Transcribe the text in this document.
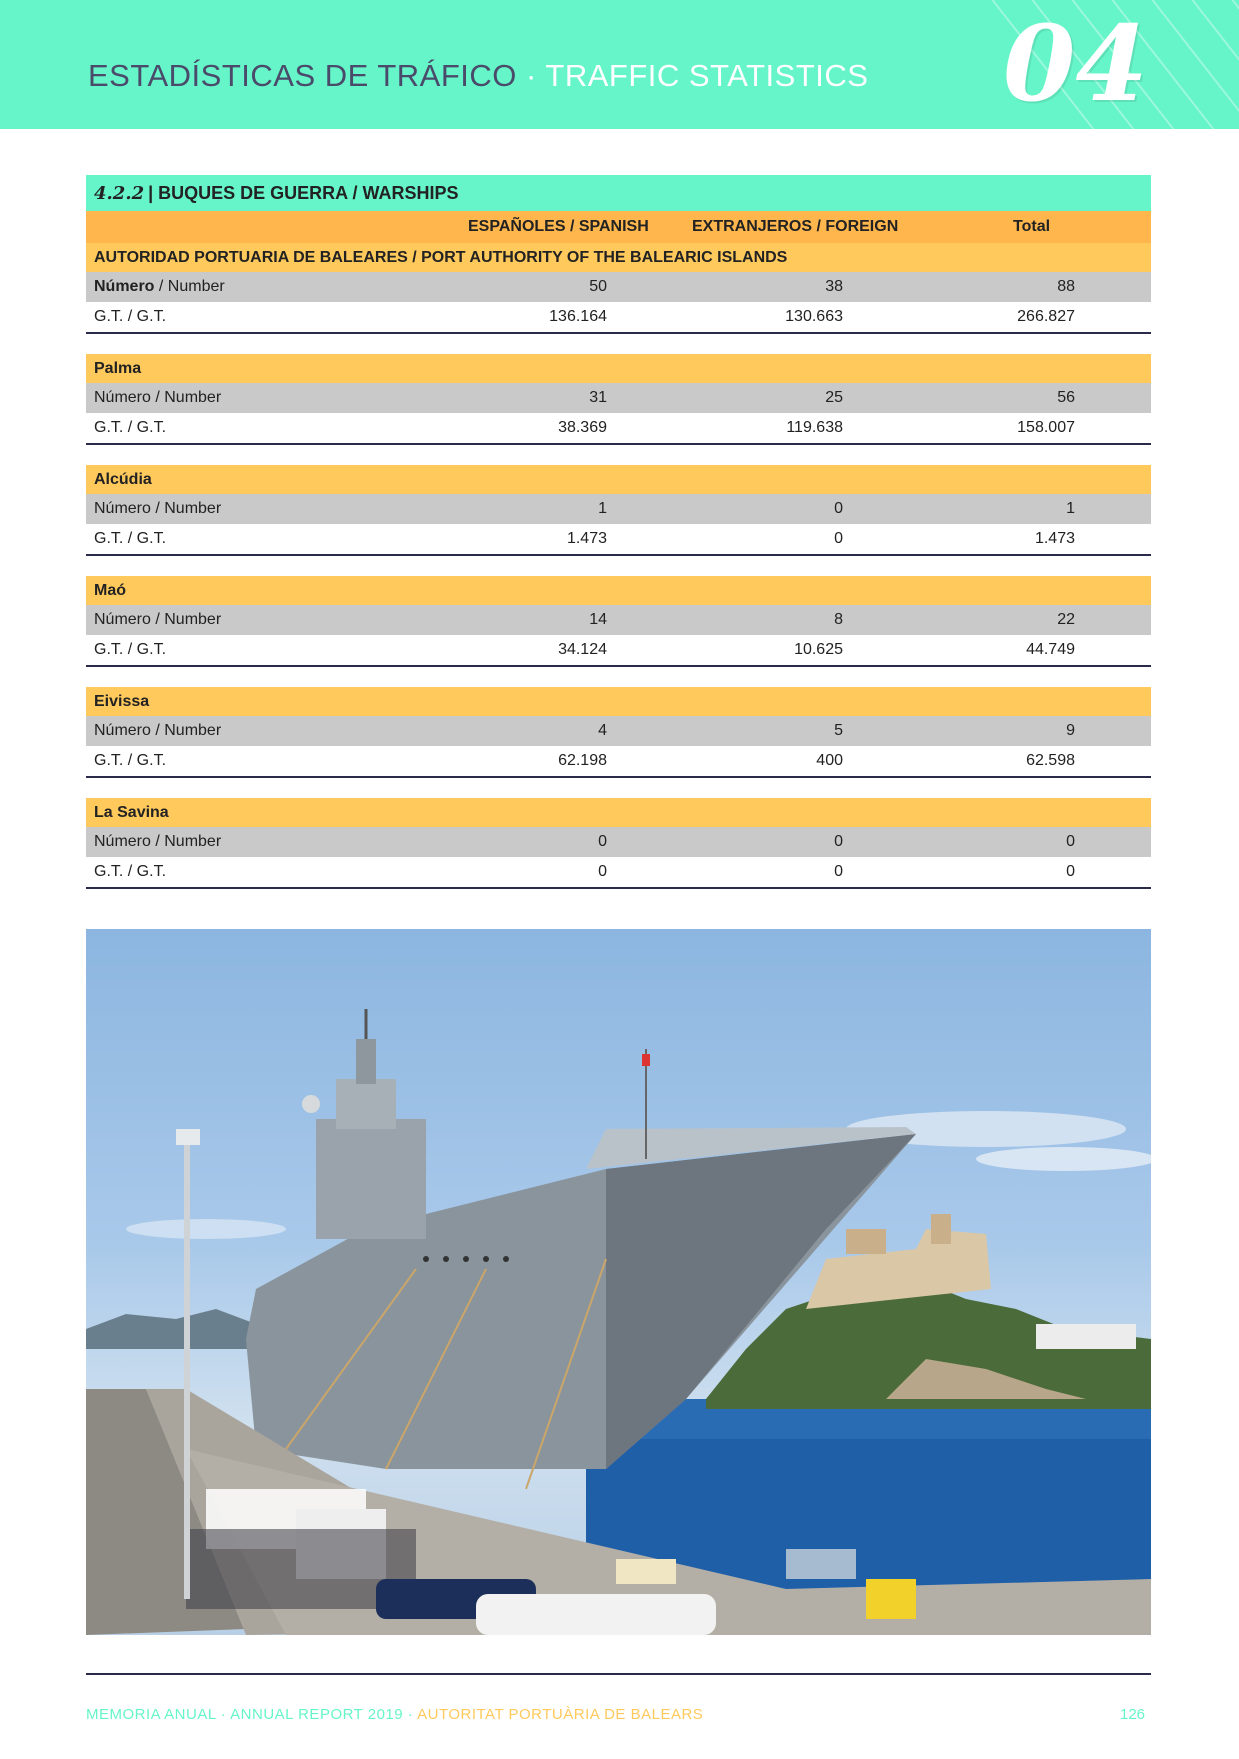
ESTADÍSTICAS DE TRÁFICO · TRAFFIC STATISTICS 04
4.2.2 | BUQUES DE GUERRA / WARSHIPS
ESPAÑOLES / SPANISH	EXTRANJEROS / FOREIGN	Total
AUTORIDAD PORTUARIA DE BALEARES / PORT AUTHORITY OF THE BALEARIC ISLANDS
Número / Number	50	38	88
G.T. / G.T.	136.164	130.663	266.827
Palma
Número / Number	31	25	56
G.T. / G.T.	38.369	119.638	158.007
Alcúdia
Número / Number	1	0	1
G.T. / G.T.	1.473	0	1.473
Maó
Número / Number	14	8	22
G.T. / G.T.	34.124	10.625	44.749
Eivissa
Número / Number	4	5	9
G.T. / G.T.	62.198	400	62.598
La Savina
Número / Number	0	0	0
G.T. / G.T.	0	0	0
MEMORIA ANUAL · ANNUAL REPORT 2019 · AUTORITAT PORTUÀRIA DE BALEARS	126
